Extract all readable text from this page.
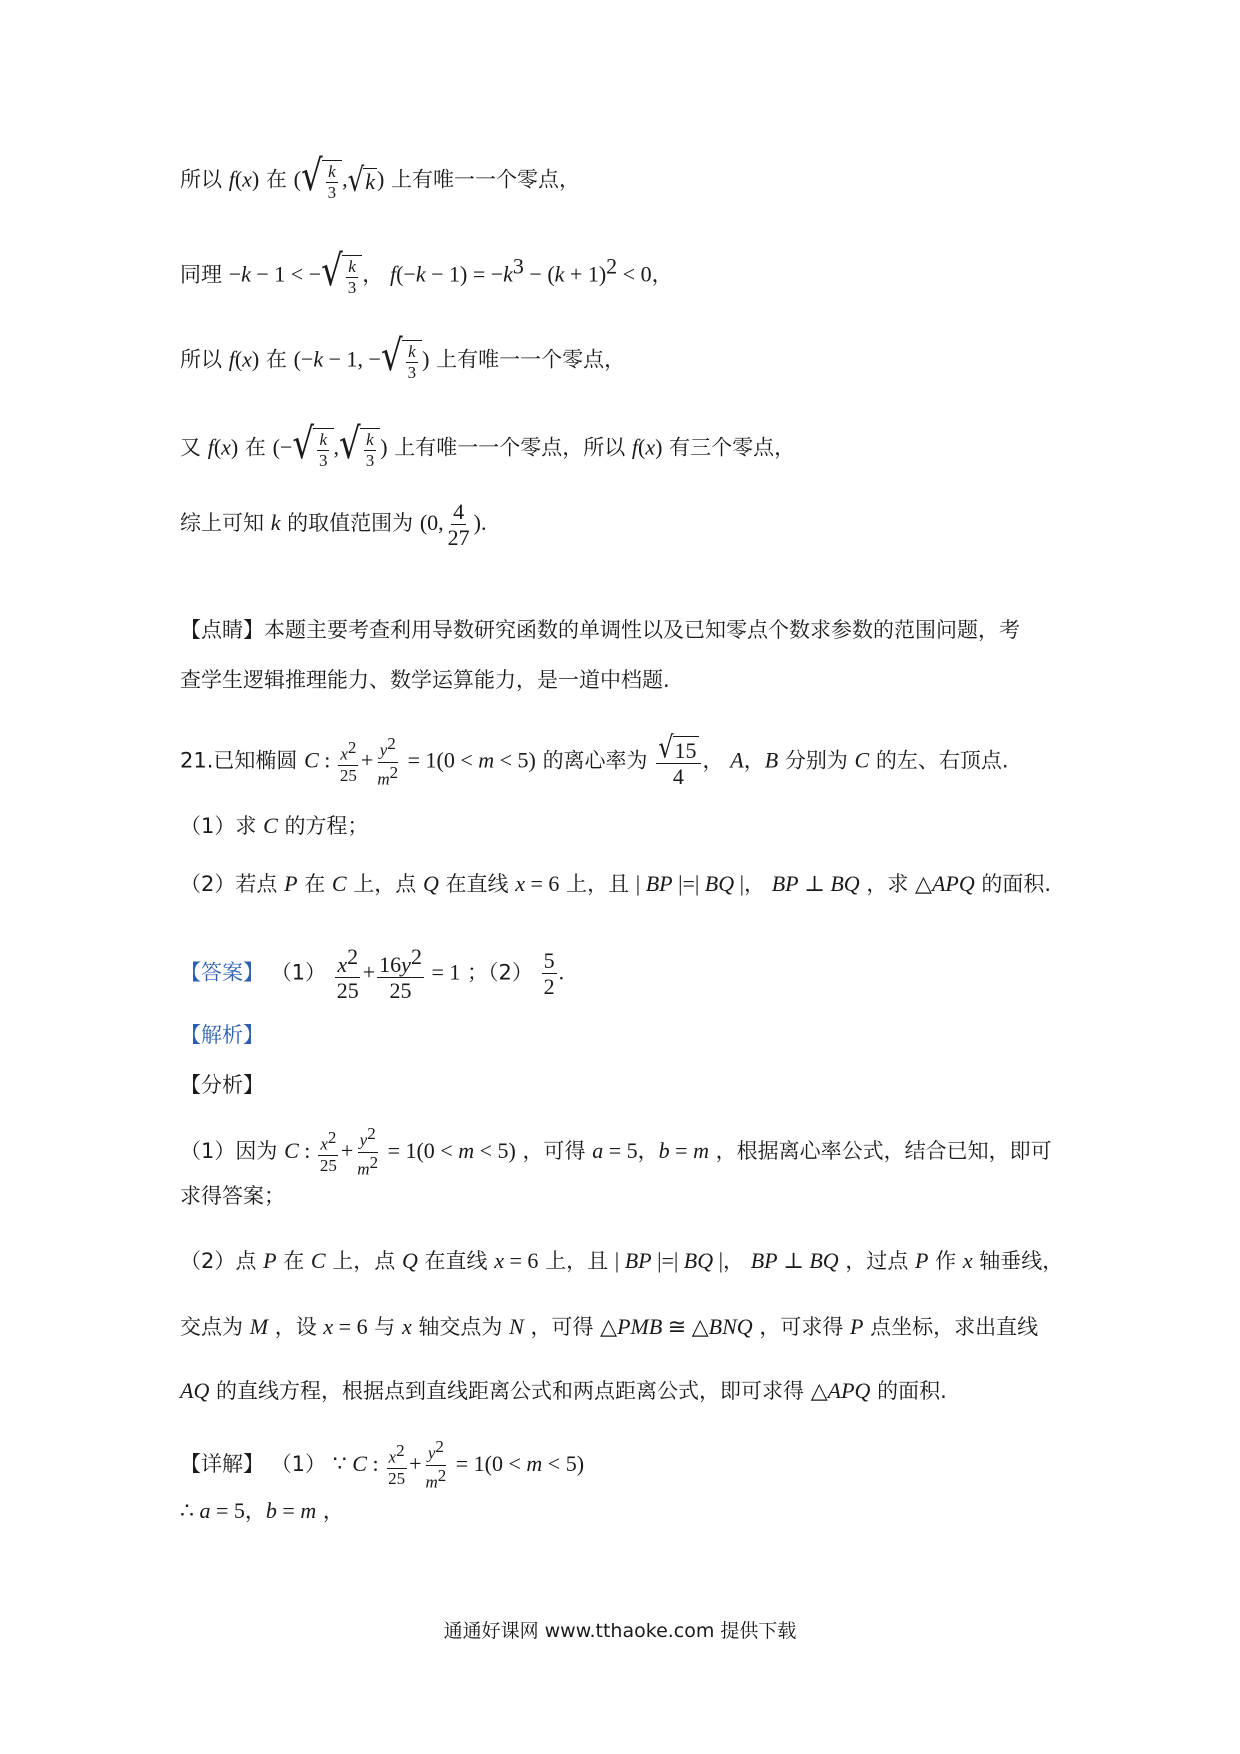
所以 f(x) 在 ( √ $\frac{k}{3}$ , √ k ) 上有唯一一个零点，
同理 −k − 1 < − √ $\frac{k}{3}$ ， $f(-k - 1) = -k^3 - (k + 1)^2 < 0$，
所以 f(x) 在 (−k − 1, − √ $\frac{k}{3}$ ) 上有唯一一个零点，
又 f(x) 在 (− √ $\frac{k}{3}$ , √ $\frac{k}{3}$ ) 上有唯一一个零点，所以 f(x) 有三个零点，
综上可知 k 的取值范围为 (0, $\frac{4}{27}$ ).
【点睛】本题主要考查利用导数研究函数的单调性以及已知零点个数求参数的范围问题，考
查学生逻辑推理能力、数学运算能力，是一道中档题.
21.已知椭圆 C : $\frac{x^2}{25} + \frac{y^2}{m^2} = 1(0 < m < 5)$ 的离心率为 $\frac{√ 15}{4}$ ， A，B 分别为 C 的左、右顶点.
（1）求 C 的方程；
（2）若点 P 在 C 上，点 Q 在直线 x = 6 上，且 | BP |=| BQ |， BP ⊥ BQ ，求 △APQ 的面积.
【答案】 $(1) \frac{x^2}{25} + \frac{16y^2}{25} = 1$ ；$(2) \frac{5}{2}$ .
【解析】
【分析】
（1）因为 C : $\frac{x^2}{25} + \frac{y^2}{m^2} = 1(0 < m < 5)$ ，可得 a = 5，b = m ，根据离心率公式，结合已知，即可
求得答案；
（2）点 P 在 C 上，点 Q 在直线 x = 6 上，且 | BP |=| BQ |， BP ⊥ BQ ，过点 P 作 x 轴垂线，
交点为 M ，设 x = 6 与 x 轴交点为 N ，可得 △PMB ≅ △BNQ ，可求得 P 点坐标，求出直线
AQ 的直线方程，根据点到直线距离公式和两点距离公式，即可求得 △APQ 的面积.
【详解】 （1） ∵ C : $\frac{x^2}{25} + \frac{y^2}{m^2} = 1(0 < m < 5)$
∴ a = 5，b = m ，
通通好课网 www.tthaoke.com 提供下载
